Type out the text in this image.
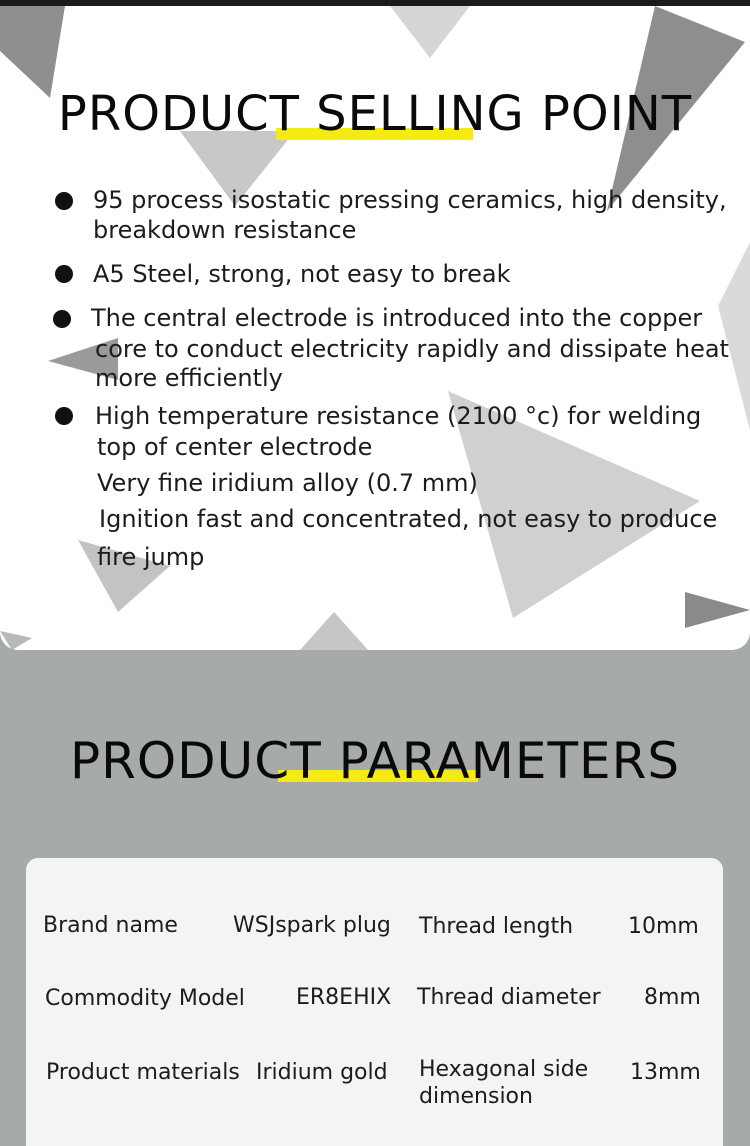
PRODUCT SELLING POINT
95 process isostatic pressing ceramics, high density,
breakdown resistance
A5 Steel, strong, not easy to break
The central electrode is introduced into the copper
core to conduct electricity rapidly and dissipate heat
more efficiently
High temperature resistance (2100 °c) for welding
top of center electrode
Very fine iridium alloy (0.7 mm)
Ignition fast and concentrated, not easy to produce
fire jump
PRODUCT PARAMETERS
Brand name	WSJspark plug Thread length 10mm
Commodity Model ER8EHIX Thread diameter 8mm
Product materials Iridium gold Hexagonal side
dimension
13mm
